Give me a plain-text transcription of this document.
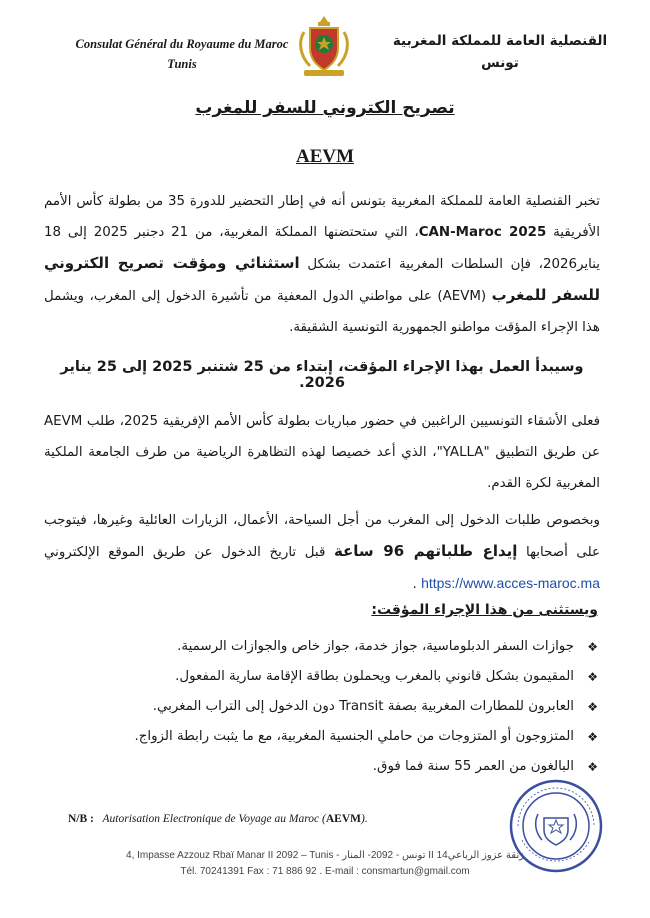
Consulat Général du Royaume du Maroc
Tunis
القنصلية العامة للمملكة المغربية
تونس
تصريح الكتروني للسفر للمغرب
AEVM
تخبر القنصلية العامة للمملكة المغربية بتونس أنه في إطار التحضير للدورة 35 من بطولة كأس الأمم الأفريقية CAN-Maroc 2025، التي ستحتضنها المملكة المغربية، من 21 دجنبر 2025 إلى 18 يناير2026، فإن السلطات المغربية اعتمدت بشكل استثنائي ومؤقت تصريح الكتروني للسفر للمغرب (AEVM) على مواطني الدول المعفية من تأشيرة الدخول إلى المغرب، ويشمل هذا الإجراء المؤقت مواطنو الجمهورية التونسية الشقيقة.
وسيبدأ العمل بهذا الإجراء المؤقت، إبتداء من 25 شتنبر 2025 إلى 25 يناير 2026.
فعلى الأشقاء التونسيين الراغبين في حضور مباريات بطولة كأس الأمم الإفريقية 2025، طلب AEVM عن طريق التطبيق "YALLA"، الذي أعد خصيصا لهذه التظاهرة الرياضية من طرف الجامعة الملكية المغربية لكرة القدم.
وبخصوص طلبات الدخول إلى المغرب من أجل السياحة، الأعمال، الزيارات العائلية وغيرها، فيتوجب على أصحابها إيداع طلباتهم 96 ساعة قبل تاريخ الدخول عن طريق الموقع الإلكتروني https://www.acces-maroc.ma .
ويستثنى من هذا الإجراء المؤقت:
❖
جوازات السفر الدبلوماسية، جواز خدمة، جواز خاص والجوازات الرسمية.
❖
المقيمون بشكل قانوني بالمغرب ويحملون بطاقة الإقامة سارية المفعول.
❖
العابرون للمطارات المغربية بصفة Transit دون الدخول إلى التراب المغربي.
❖
المتزوجون أو المتزوجات من حاملي الجنسية المغربية، مع ما يثبت رابطة الزواج.
❖
البالغون من العمر 55 سنة فما فوق.
N/B : Autorisation Electronique de Voyage au Maroc (AEVM).
4, Impasse Azzouz Rbaï Manar II 2092 – Tunis - تونس - 2092- المنار II 14زنقة عزوز الرباعي
Tél. 70241391 Fax : 71 886 92 . E-mail : consmartun@gmail.com
